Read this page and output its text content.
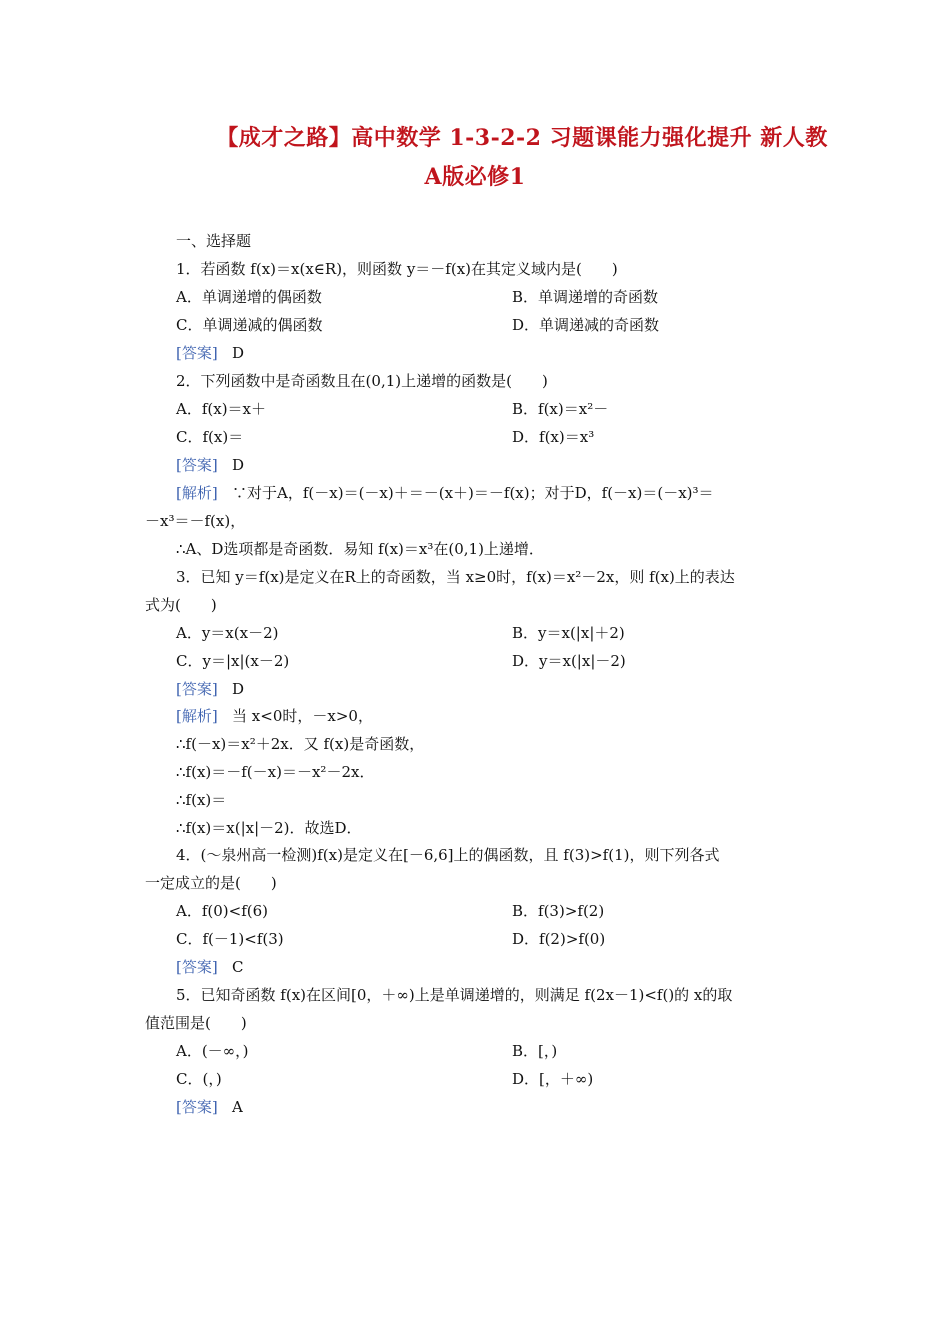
【成才之路】高中数学 1-3-2-2 习题课能力强化提升 新人教
A版必修1
一、选择题
1．若函数 f(x)＝x(x∈R)，则函数 y＝－f(x)在其定义域内是(　　)
A．单调递增的偶函数	B．单调递增的奇函数
C．单调递减的偶函数	D．单调递减的奇函数
[答案] D
2．下列函数中是奇函数且在(0,1)上递增的函数是(　　)
A．f(x)＝x＋	B．f(x)＝x²－
C．f(x)＝	D．f(x)＝x³
[答案] D
[解析] ∵对于A，f(－x)＝(－x)＋＝－(x＋)＝－f(x)；对于D，f(－x)＝(－x)³＝
－x³＝－f(x)，
∴A、D选项都是奇函数．易知 f(x)＝x³在(0,1)上递增．
3．已知 y＝f(x)是定义在R上的奇函数，当 x≥0时，f(x)＝x²－2x，则 f(x)上的表达
式为(　　)
A．y＝x(x－2)	B．y＝x(|x|＋2)
C．y＝|x|(x－2)	D．y＝x(|x|－2)
[答案] D
[解析] 当 x<0时，－x>0，
∴f(－x)＝x²＋2x．又 f(x)是奇函数，
∴f(x)＝－f(－x)＝－x²－2x．
∴f(x)＝
∴f(x)＝x(|x|－2)．故选D．
4．(～泉州高一检测)f(x)是定义在[－6,6]上的偶函数，且 f(3)>f(1)，则下列各式
一定成立的是(　　)
A．f(0)<f(6)	B．f(3)>f(2)
C．f(－1)<f(3)	D．f(2)>f(0)
[答案] C
5．已知奇函数 f(x)在区间[0，＋∞)上是单调递增的，则满足 f(2x－1)<f()的 x的取
值范围是(　　)
A．(－∞，)	B．[，)
C．(，)	D．[，＋∞)
[答案] A
